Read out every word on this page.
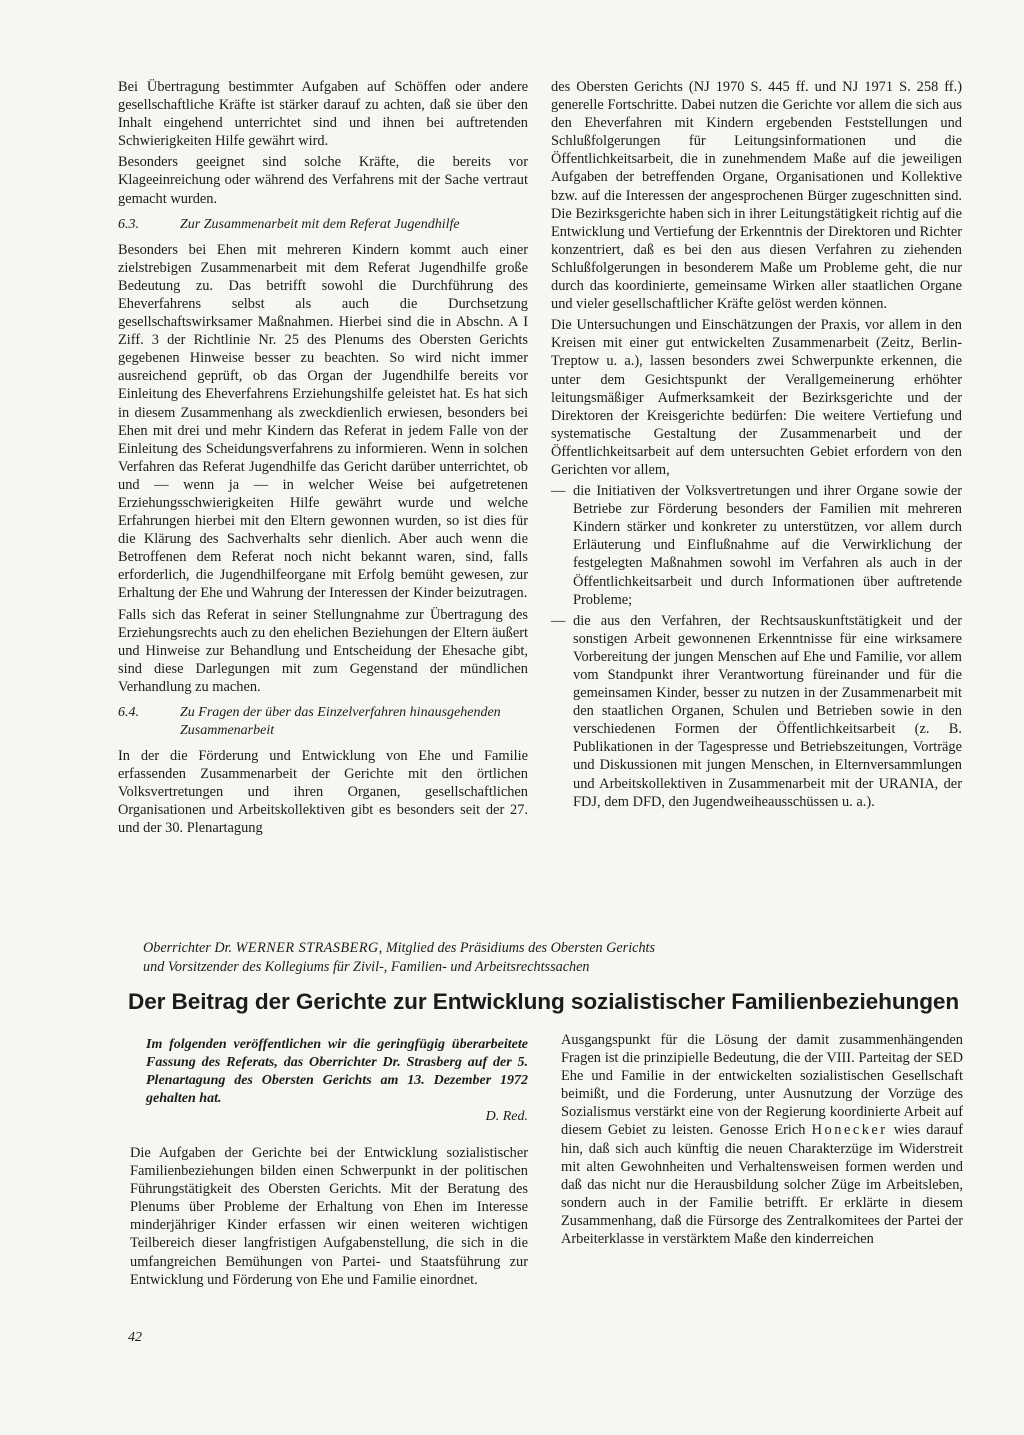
Bei Übertragung bestimmter Aufgaben auf Schöffen oder andere gesellschaftliche Kräfte ist stärker darauf zu achten, daß sie über den Inhalt eingehend unterrichtet sind und ihnen bei auftretenden Schwierigkeiten Hilfe gewährt wird.

Besonders geeignet sind solche Kräfte, die bereits vor Klageeinreichung oder während des Verfahrens mit der Sache vertraut gemacht wurden.

6.3.	Zur Zusammenarbeit mit dem Referat Jugendhilfe

Besonders bei Ehen mit mehreren Kindern kommt auch einer zielstrebigen Zusammenarbeit mit dem Referat Jugendhilfe große Bedeutung zu. Das betrifft sowohl die Durchführung des Eheverfahrens selbst als auch die Durchsetzung gesellschaftswirksamer Maßnahmen. Hierbei sind die in Abschn. A I Ziff. 3 der Richtlinie Nr. 25 des Plenums des Obersten Gerichts gegebenen Hinweise besser zu beachten. So wird nicht immer ausreichend geprüft, ob das Organ der Jugendhilfe bereits vor Einleitung des Eheverfahrens Erziehungshilfe geleistet hat. Es hat sich in diesem Zusammenhang als zweckdienlich erwiesen, besonders bei Ehen mit drei und mehr Kindern das Referat in jedem Falle von der Einleitung des Scheidungsverfahrens zu informieren. Wenn in solchen Verfahren das Referat Jugendhilfe das Gericht darüber unterrichtet, ob und — wenn ja — in welcher Weise bei aufgetretenen Erziehungsschwierigkeiten Hilfe gewährt wurde und welche Erfahrungen hierbei mit den Eltern gewonnen wurden, so ist dies für die Klärung des Sachverhalts sehr dienlich. Aber auch wenn die Betroffenen dem Referat noch nicht bekannt waren, sind, falls erforderlich, die Jugendhilfeorgane mit Erfolg bemüht gewesen, zur Erhaltung der Ehe und Wahrung der Interessen der Kinder beizutragen.

Falls sich das Referat in seiner Stellungnahme zur Übertragung des Erziehungsrechts auch zu den ehelichen Beziehungen der Eltern äußert und Hinweise zur Behandlung und Entscheidung der Ehesache gibt, sind diese Darlegungen mit zum Gegenstand der mündlichen Verhandlung zu machen.

6.4.	Zu Fragen der über das Einzelverfahren hinausgehenden Zusammenarbeit

In der die Förderung und Entwicklung von Ehe und Familie erfassenden Zusammenarbeit der Gerichte mit den örtlichen Volksvertretungen und ihren Organen, gesellschaftlichen Organisationen und Arbeitskollektiven gibt es besonders seit der 27. und der 30. Plenartagung

des Obersten Gerichts (NJ 1970 S. 445 ff. und NJ 1971 S. 258 ff.) generelle Fortschritte. Dabei nutzen die Gerichte vor allem die sich aus den Eheverfahren mit Kindern ergebenden Feststellungen und Schlußfolgerungen für Leitungsinformationen und die Öffentlichkeitsarbeit, die in zunehmendem Maße auf die jeweiligen Aufgaben der betreffenden Organe, Organisationen und Kollektive bzw. auf die Interessen der angesprochenen Bürger zugeschnitten sind. Die Bezirksgerichte haben sich in ihrer Leitungstätigkeit richtig auf die Entwicklung und Vertiefung der Erkenntnis der Direktoren und Richter konzentriert, daß es bei den aus diesen Verfahren zu ziehenden Schlußfolgerungen in besonderem Maße um Probleme geht, die nur durch das koordinierte, gemeinsame Wirken aller staatlichen Organe und vieler gesellschaftlicher Kräfte gelöst werden können.

Die Untersuchungen und Einschätzungen der Praxis, vor allem in den Kreisen mit einer gut entwickelten Zusammenarbeit (Zeitz, Berlin-Treptow u. a.), lassen besonders zwei Schwerpunkte erkennen, die unter dem Gesichtspunkt der Verallgemeinerung erhöhter leitungsmäßiger Aufmerksamkeit der Bezirksgerichte und der Direktoren der Kreisgerichte bedürfen: Die weitere Vertiefung und systematische Gestaltung der Zusammenarbeit und der Öffentlichkeitsarbeit auf dem untersuchten Gebiet erfordern von den Gerichten vor allem,

— die Initiativen der Volksvertretungen und ihrer Organe sowie der Betriebe zur Förderung besonders der Familien mit mehreren Kindern stärker und konkreter zu unterstützen, vor allem durch Erläuterung und Einflußnahme auf die Verwirklichung der festgelegten Maßnahmen sowohl im Verfahren als auch in der Öffentlichkeitsarbeit und durch Informationen über auftretende Probleme;
— die aus den Verfahren, der Rechtsauskunftstätigkeit und der sonstigen Arbeit gewonnenen Erkenntnisse für eine wirksamere Vorbereitung der jungen Menschen auf Ehe und Familie, vor allem vom Standpunkt ihrer Verantwortung füreinander und für die gemeinsamen Kinder, besser zu nutzen in der Zusammenarbeit mit den staatlichen Organen, Schulen und Betrieben sowie in den verschiedenen Formen der Öffentlichkeitsarbeit (z. B. Publikationen in der Tagespresse und Betriebszeitungen, Vorträge und Diskussionen mit jungen Menschen, in Elternversammlungen und Arbeitskollektiven in Zusammenarbeit mit der URANIA, der FDJ, dem DFD, den Jugendweiheausschüssen u. a.).
Oberrichter Dr. WERNER STRASBERG, Mitglied des Präsidiums des Obersten Gerichts
und Vorsitzender des Kollegiums für Zivil-, Familien- und Arbeitsrechtssachen
Der Beitrag der Gerichte zur Entwicklung sozialistischer Familienbeziehungen
Im folgenden veröffentlichen wir die geringfügig überarbeitete Fassung des Referats, das Oberrichter Dr. Strasberg auf der 5. Plenartagung des Obersten Gerichts am 13. Dezember 1972 gehalten hat.
D. Red.

Die Aufgaben der Gerichte bei der Entwicklung sozialistischer Familienbeziehungen bilden einen Schwerpunkt in der politischen Führungstätigkeit des Obersten Gerichts. Mit der Beratung des Plenums über Probleme der Erhaltung von Ehen im Interesse minderjähriger Kinder erfassen wir einen weiteren wichtigen Teilbereich dieser langfristigen Aufgabenstellung, die sich in die umfangreichen Bemühungen von Partei- und Staatsführung zur Entwicklung und Förderung von Ehe und Familie einordnet.

Ausgangspunkt für die Lösung der damit zusammenhängenden Fragen ist die prinzipielle Bedeutung, die der VIII. Parteitag der SED Ehe und Familie in der entwickelten sozialistischen Gesellschaft beimißt, und die Forderung, unter Ausnutzung der Vorzüge des Sozialismus verstärkt eine von der Regierung koordinierte Arbeit auf diesem Gebiet zu leisten. Genosse Erich Honecker wies darauf hin, daß sich auch künftig die neuen Charakterzüge im Widerstreit mit alten Gewohnheiten und Verhaltensweisen formen werden und daß das nicht nur die Herausbildung solcher Züge im Arbeitsleben, sondern auch in der Familie betrifft. Er erklärte in diesem Zusammenhang, daß die Fürsorge des Zentralkomitees der Partei der Arbeiterklasse in verstärktem Maße den kinderreichen

42
